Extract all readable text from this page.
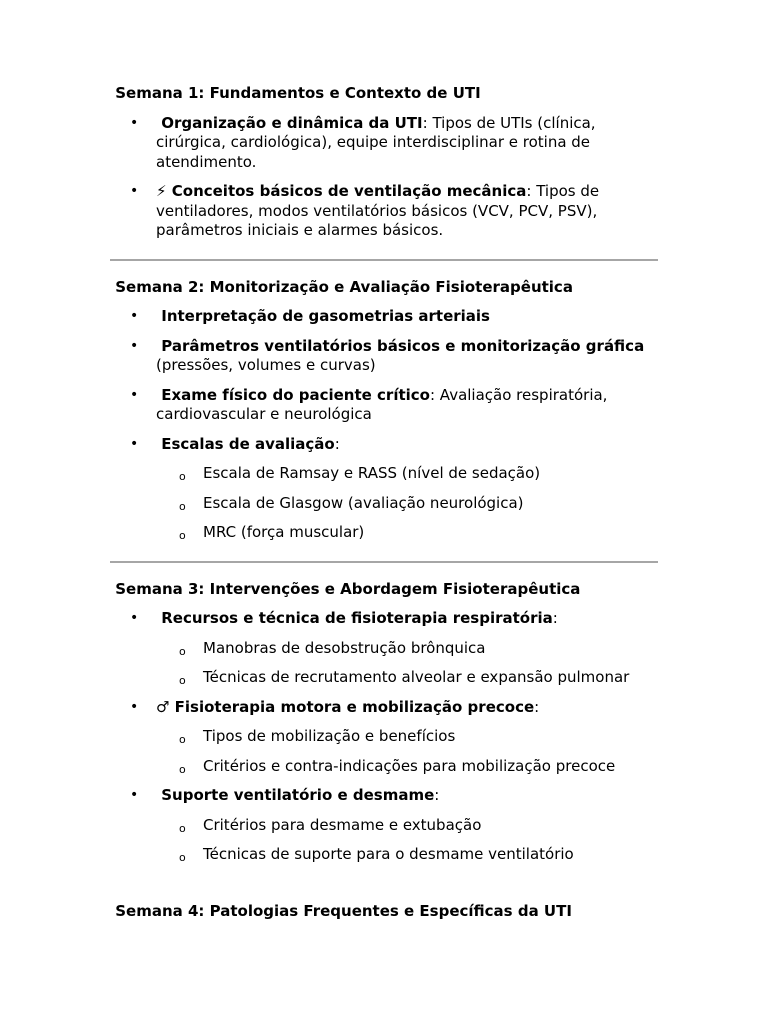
Semana 1: Fundamentos e Contexto de UTI
• Organização e dinâmica da UTI: Tipos de UTIs (clínica, cirúrgica, cardiológica), equipe interdisciplinar e rotina de atendimento.
• ⚡ Conceitos básicos de ventilação mecânica: Tipos de ventiladores, modos ventilatórios básicos (VCV, PCV, PSV), parâmetros iniciais e alarmes básicos.
Semana 2: Monitorização e Avaliação Fisioterapêutica
• Interpretação de gasometrias arteriais
• Parâmetros ventilatórios básicos e monitorização gráfica (pressões, volumes e curvas)
• Exame físico do paciente crítico: Avaliação respiratória, cardiovascular e neurológica
• Escalas de avaliação:
o Escala de Ramsay e RASS (nível de sedação)
o Escala de Glasgow (avaliação neurológica)
o MRC (força muscular)
Semana 3: Intervenções e Abordagem Fisioterapêutica
• Recursos e técnica de fisioterapia respiratória:
o Manobras de desobstrução brônquica
o Técnicas de recrutamento alveolar e expansão pulmonar
• ♂ Fisioterapia motora e mobilização precoce:
o Tipos de mobilização e benefícios
o Critérios e contra-indicações para mobilização precoce
• Suporte ventilatório e desmame:
o Critérios para desmame e extubação
o Técnicas de suporte para o desmame ventilatório
Semana 4: Patologias Frequentes e Específicas da UTI
